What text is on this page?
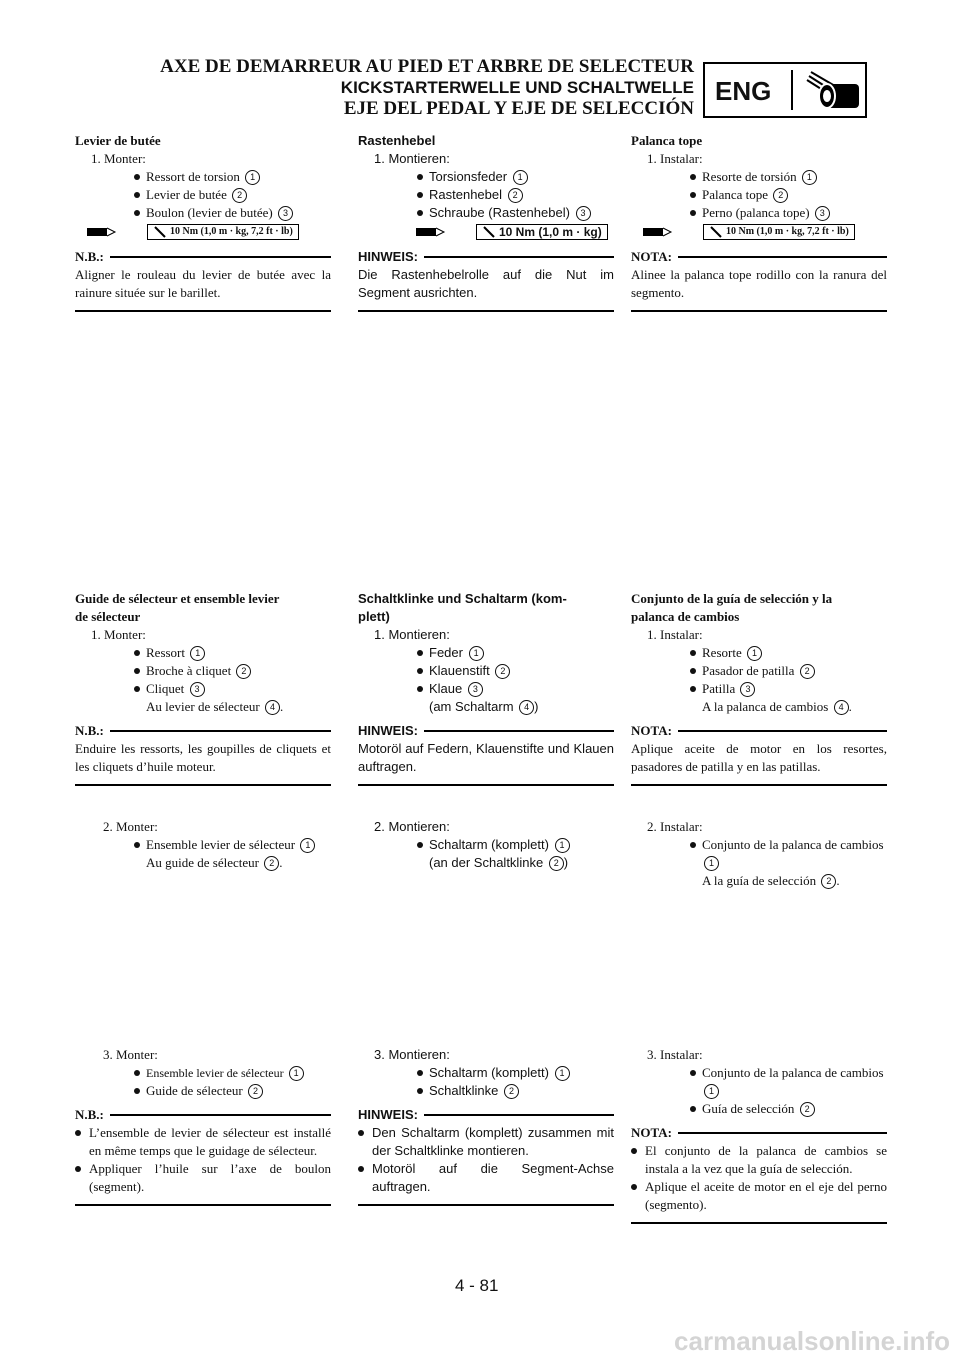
AXE DE DEMARREUR AU PIED ET ARBRE DE SELECTEUR
KICKSTARTERWELLE UND SCHALTWELLE
EJE DEL PEDAL Y EJE DE SELECCIÓN
ENG
Levier de butée
1. Monter:
Ressort de torsion 1
Levier de butée 2
Boulon (levier de butée) 3
10 Nm (1,0 m · kg, 7,2 ft · lb)
N.B.:
Aligner le rouleau du levier de butée avec la rainure située sur le barillet.
Guide de sélecteur et ensemble levier
de sélecteur
1. Monter:
Ressort 1
Broche à cliquet 2
Cliquet 3
Au levier de sélecteur 4 .
N.B.:
Enduire les ressorts, les goupilles de cliquets et les cliquets d’huile moteur.
2. Monter:
Ensemble levier de sélecteur 1
Au guide de sélecteur 2 .
3. Monter:
Ensemble levier de sélecteur 1
Guide de sélecteur 2
N.B.:
L’ensemble de levier de sélecteur est installé en même temps que le guidage de sélecteur.
Appliquer l’huile sur l’axe de boulon (segment).
Rastenhebel
1. Montieren:
Torsionsfeder 1
Rastenhebel 2
Schraube (Rastenhebel) 3
10 Nm (1,0 m · kg)
HINWEIS:
Die Rastenhebelrolle auf die Nut im Segment ausrichten.
Schaltklinke und Schaltarm (kom-
plett)
1. Montieren:
Feder 1
Klauenstift 2
Klaue 3
(am Schaltarm 4 )
HINWEIS:
Motoröl auf Federn, Klauenstifte und Klauen auftragen.
2. Montieren:
Schaltarm (komplett) 1
(an der Schaltklinke 2 )
3. Montieren:
Schaltarm (komplett) 1
Schaltklinke 2
HINWEIS:
Den Schaltarm (komplett) zusammen mit der Schaltklinke montieren.
Motoröl auf die Segment-Achse auftragen.
Palanca tope
1. Instalar:
Resorte de torsión 1
Palanca tope 2
Perno (palanca tope) 3
10 Nm (1,0 m · kg, 7,2 ft · lb)
NOTA:
Alinee la palanca tope rodillo con la ranura del segmento.
Conjunto de la guía de selección y la
palanca de cambios
1. Instalar:
Resorte 1
Pasador de patilla 2
Patilla 3
A la palanca de cambios 4 .
NOTA:
Aplique aceite de motor en los resortes, pasadores de patilla y en las patillas.
2. Instalar:
Conjunto de la palanca de cambios 1
A la guía de selección 2 .
3. Instalar:
Conjunto de la palanca de cambios 1
Guía de selección 2
NOTA:
El conjunto de la palanca de cambios se instala a la vez que la guía de selección.
Aplique el aceite de motor en el eje del perno (segmento).
4 - 81
carmanualsonline.info
